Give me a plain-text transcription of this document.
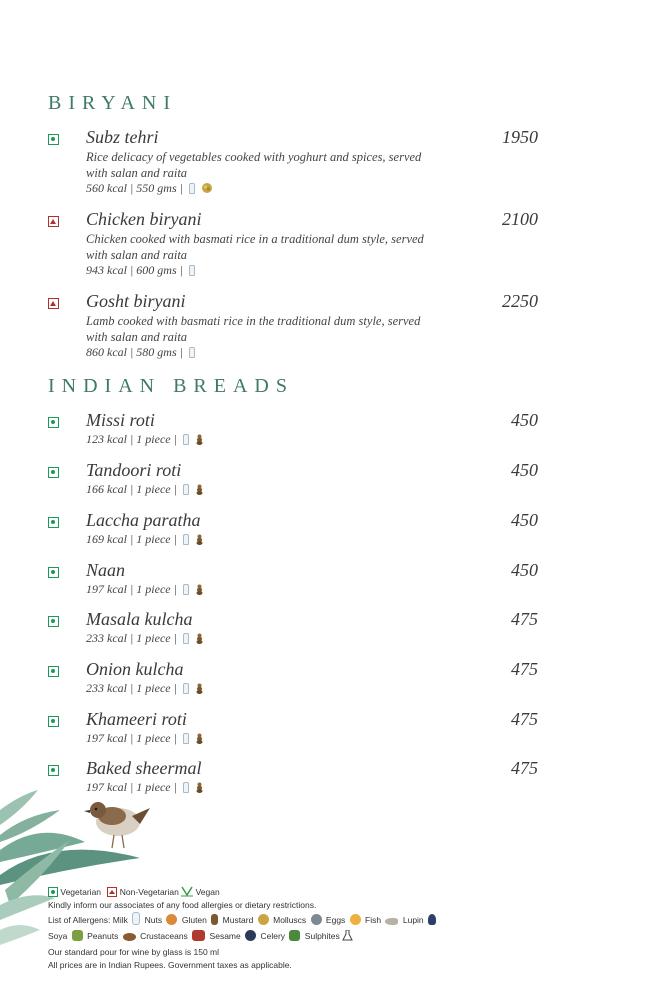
BIRYANI
Subz tehri	1950
Rice delicacy of vegetables cooked with yoghurt and spices, served with salan and raita
560 kcal | 550 gms |
Chicken biryani	2100
Chicken cooked with basmati rice in a traditional dum style, served with salan and raita
943 kcal | 600 gms |
Gosht biryani	2250
Lamb cooked with basmati rice in the traditional dum style, served with salan and raita
860 kcal | 580 gms |
INDIAN BREADS
Missi roti	450
123 kcal | 1 piece |
Tandoori roti	450
166 kcal | 1 piece |
Laccha paratha	450
169 kcal | 1 piece |
Naan	450
197 kcal | 1 piece |
Masala kulcha	475
233 kcal | 1 piece |
Onion kulcha	475
233 kcal | 1 piece |
Khameeri roti	475
197 kcal | 1 piece |
Baked sheermal	475
197 kcal | 1 piece |
Vegetarian Non-Vegetarian Vegan
Kindly inform our associates of any food allergies or dietary restrictions.
List of Allergens: Milk Nuts Gluten Mustard Molluscs Eggs Fish	Lupin
Soya Peanuts	Crustaceans	Sesame Celery Sulphites
Our standard pour for wine by glass is 150 ml
All prices are in Indian Rupees. Government taxes as applicable.
